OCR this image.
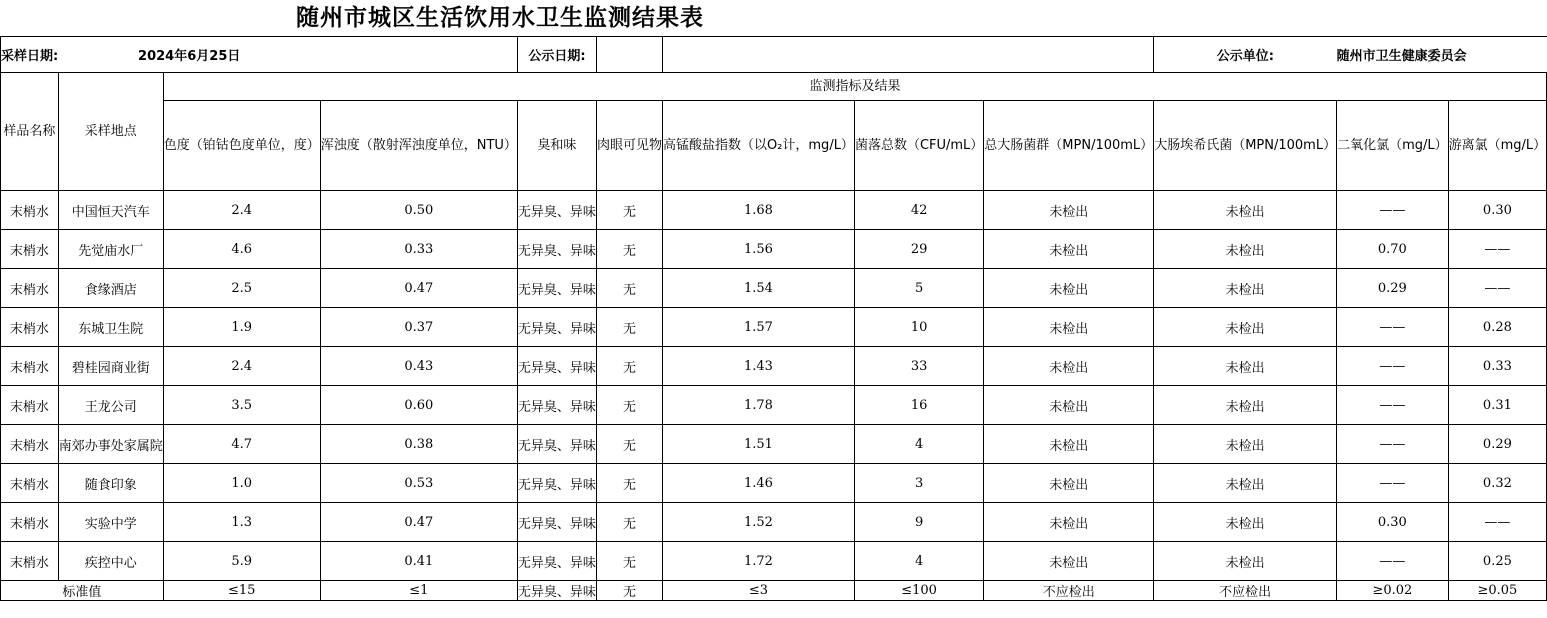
随州市城区生活饮用水卫生监测结果表
采样日期:	2024年6月25日			公示日期:					公示单位:	随州市卫生健康委员会	
样品名称	采样地点	监测指标及结果									
		色度（铂钴色度单位，度）	浑浊度（散射浑浊度单位，NTU）	臭和味	肉眼可见物	高锰酸盐指数（以O₂计，mg/L）	菌落总数（CFU/mL）	总大肠菌群（MPN/100mL）	大肠埃希氏菌（MPN/100mL）	二氧化氯（mg/L）	游离氯（mg/L）
末梢水	中国恒天汽车	2.4	0.50	无异臭、异味	无	1.68	42	未检出	未检出	——	0.30
末梢水	先觉庙水厂	4.6	0.33	无异臭、异味	无	1.56	29	未检出	未检出	0.70	——
末梢水	食缘酒店	2.5	0.47	无异臭、异味	无	1.54	5	未检出	未检出	0.29	——
末梢水	东城卫生院	1.9	0.37	无异臭、异味	无	1.57	10	未检出	未检出	——	0.28
末梢水	碧桂园商业街	2.4	0.43	无异臭、异味	无	1.43	33	未检出	未检出	——	0.33
末梢水	王龙公司	3.5	0.60	无异臭、异味	无	1.78	16	未检出	未检出	——	0.31
末梢水	南郊办事处家属院	4.7	0.38	无异臭、异味	无	1.51	4	未检出	未检出	——	0.29
末梢水	随食印象	1.0	0.53	无异臭、异味	无	1.46	3	未检出	未检出	——	0.32
末梢水	实验中学	1.3	0.47	无异臭、异味	无	1.52	9	未检出	未检出	0.30	——
末梢水	疾控中心	5.9	0.41	无异臭、异味	无	1.72	4	未检出	未检出	——	0.25
标准值		≤15	≤1	无异臭、异味	无	≤3	≤100	不应检出	不应检出	≥0.02	≥0.05
